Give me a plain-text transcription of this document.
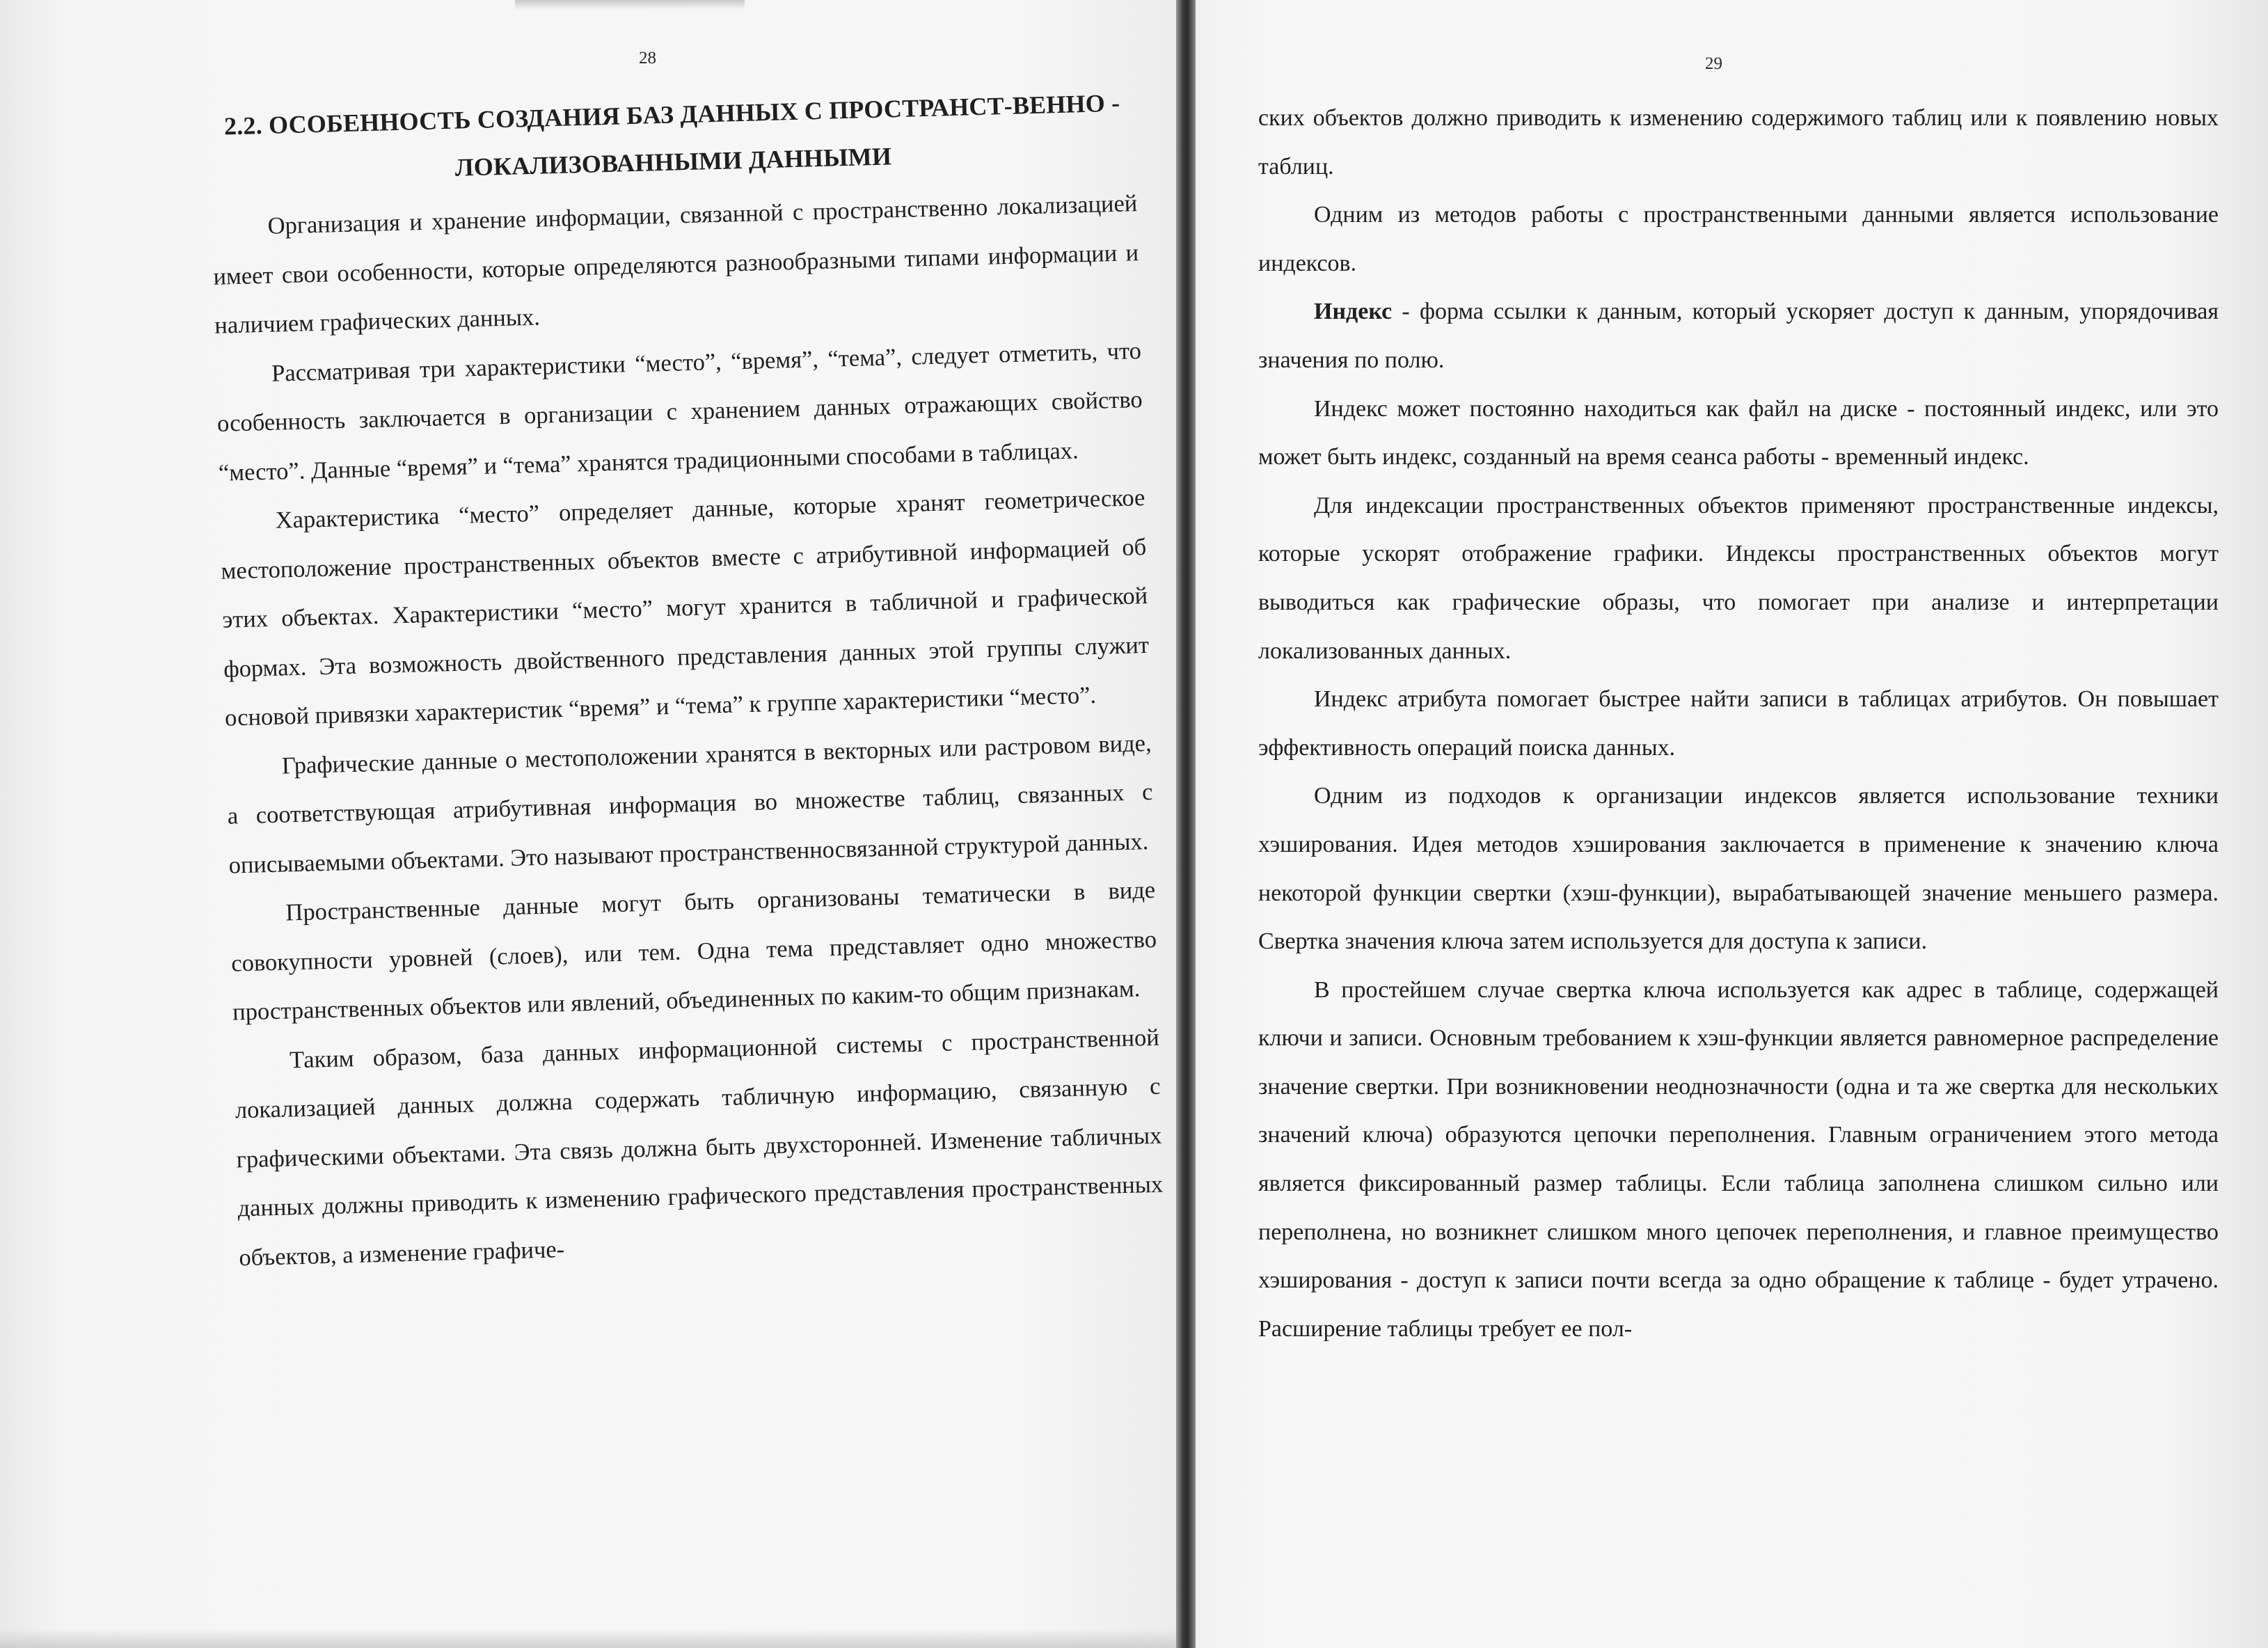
28
2.2. ОСОБЕННОСТЬ СОЗДАНИЯ БАЗ ДАННЫХ С ПРОСТРАНСТ-ВЕННО - ЛОКАЛИЗОВАННЫМИ ДАННЫМИ

Организация и хранение информации, связанной с пространственно локализацией имеет свои особенности, которые определяются разнообразными типами информации и наличием графических данных.

Рассматривая три характеристики “место”, “время”, “тема”, следует отметить, что особенность заключается в организации с хранением данных отражающих свойство “место”. Данные “время” и “тема” хранятся традиционными способами в таблицах.

Характеристика “место” определяет данные, которые хранят геометрическое местоположение пространственных объектов вместе с атрибутивной информацией об этих объектах. Характеристики “место” могут хранится в табличной и графической формах. Эта возможность двойственного представления данных этой группы служит основой привязки характеристик “время” и “тема” к группе характеристики “место”.

Графические данные о местоположении хранятся в векторных или растровом виде, а соответствующая атрибутивная информация во множестве таблиц, связанных с описываемыми объектами. Это называют пространственносвязанной структурой данных.

Пространственные данные могут быть организованы тематически в виде совокупности уровней (слоев), или тем. Одна тема представляет одно множество пространственных объектов или явлений, объединенных по каким-то общим признакам.

Таким образом, база данных информационной системы с пространственной локализацией данных должна содержать табличную информацию, связанную с графическими объектами. Эта связь должна быть двухсторонней. Изменение табличных данных должны приводить к изменению графического представления пространственных объектов, а изменение графиче-

29

ских объектов должно приводить к изменению содержимого таблиц или к появлению новых таблиц.

Одним из методов работы с пространственными данными является использование индексов.

Индекс - форма ссылки к данным, который ускоряет доступ к данным, упорядочивая значения по полю.

Индекс может постоянно находиться как файл на диске - постоянный индекс, или это может быть индекс, созданный на время сеанса работы - временный индекс.

Для индексации пространственных объектов применяют пространственные индексы, которые ускорят отображение графики. Индексы пространственных объектов могут выводиться как графические образы, что помогает при анализе и интерпретации локализованных данных.

Индекс атрибута помогает быстрее найти записи в таблицах атрибутов. Он повышает эффективность операций поиска данных.

Одним из подходов к организации индексов является использование техники хэширования. Идея методов хэширования заключается в применение к значению ключа некоторой функции свертки (хэш-функции), вырабатывающей значение меньшего размера. Свертка значения ключа затем используется для доступа к записи.

В простейшем случае свертка ключа используется как адрес в таблице, содержащей ключи и записи. Основным требованием к хэш-функции является равномерное распределение значение свертки. При возникновении неоднозначности (одна и та же свертка для нескольких значений ключа) образуются цепочки переполнения. Главным ограничением этого метода является фиксированный размер таблицы. Если таблица заполнена слишком сильно или переполнена, но возникнет слишком много цепочек переполнения, и главное преимущество хэширования - доступ к записи почти всегда за одно обращение к таблице - будет утрачено. Расширение таблицы требует ее пол-
